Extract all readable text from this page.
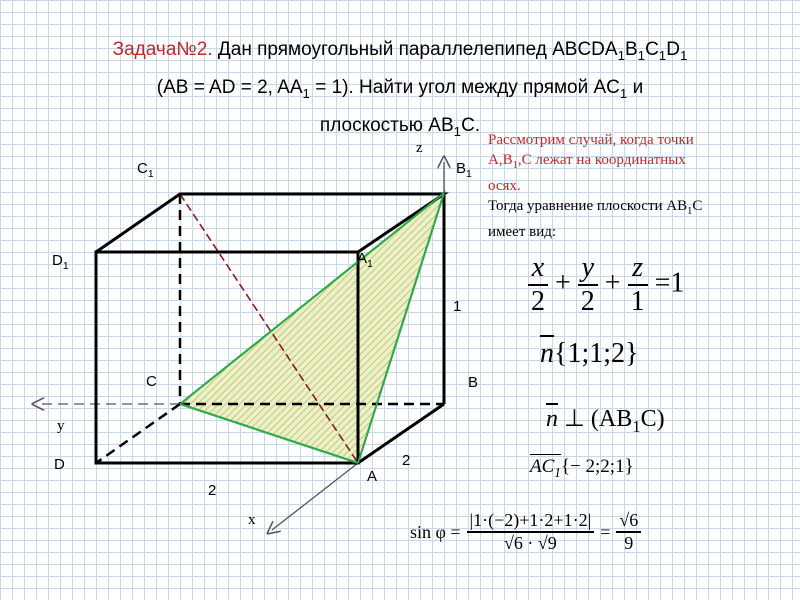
Задача№2. Дан прямоугольный параллелепипед $ABCDA_1B_1C_1D_1$
(AB = AD = 2, $AA_1 = 1$). Найти угол между прямой $AC_1$ и
плоскостью $AB_1C$.
$C_1$
$D_1$
$B_1$
$A_1$
C	B
A
D
z
y
x
1
2
2
Рассмотрим случай, когда точки
$A,B_1,C$ лежат на координатных
осях.
Тогда уравнение плоскости $AB_1C$
имеет вид:
$\frac{x}{2} + \frac{y}{2} + \frac{z}{1} =1$
n{1;1;2}
n ⊥ $(AB_1C)$
$AC_1\{-$ 2;2;1}
$\sin \varphi = \frac{|1\cdot(-2)+1\cdot 2+1\cdot 2|}{√6 \cdot √9} = \frac{√6}{9}$
